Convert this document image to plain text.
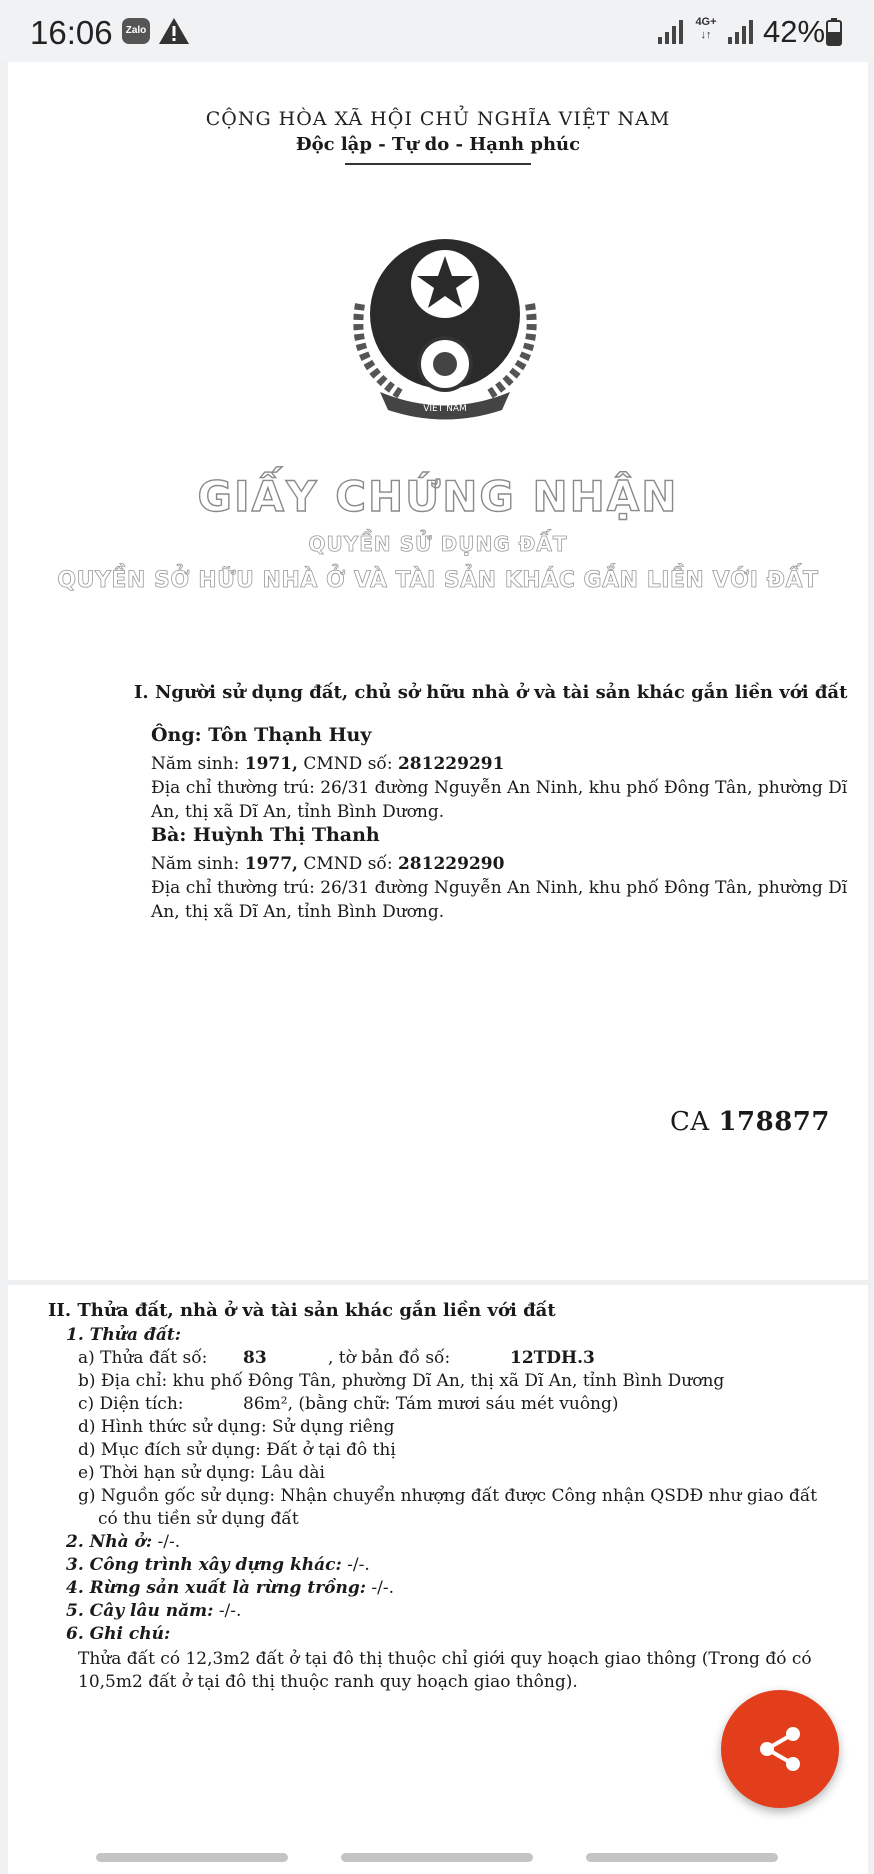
16:06	Zalo
4G+
↓↑	42%
CỘNG HÒA XÃ HỘI CHỦ NGHĨA VIỆT NAM
Độc lập - Tự do - Hạnh phúc
VIET NAM
GIẤY CHỨNG NHẬN
QUYỀN SỬ DỤNG ĐẤT
QUYỀN SỞ HỮU NHÀ Ở VÀ TÀI SẢN KHÁC GẮN LIỀN VỚI ĐẤT
I. Người sử dụng đất, chủ sở hữu nhà ở và tài sản khác gắn liền với đất
Ông: Tôn Thạnh Huy
Năm sinh: 1971, CMND số: 281229291
Địa chỉ thường trú: 26/31 đường Nguyễn An Ninh, khu phố Đông Tân, phường Dĩ
An, thị xã Dĩ An, tỉnh Bình Dương.
Bà: Huỳnh Thị Thanh
Năm sinh: 1977, CMND số: 281229290
Địa chỉ thường trú: 26/31 đường Nguyễn An Ninh, khu phố Đông Tân, phường Dĩ
An, thị xã Dĩ An, tỉnh Bình Dương.
CA 178877
II. Thửa đất, nhà ở và tài sản khác gắn liền với đất
1. Thửa đất:
a) Thửa đất số: 83	, tờ bản đồ số:	12TDH.3
b) Địa chỉ: khu phố Đông Tân, phường Dĩ An, thị xã Dĩ An, tỉnh Bình Dương
c) Diện tích:	86m², (bằng chữ: Tám mươi sáu mét vuông)
d) Hình thức sử dụng: Sử dụng riêng
d) Mục đích sử dụng: Đất ở tại đô thị
e) Thời hạn sử dụng: Lâu dài
g) Nguồn gốc sử dụng: Nhận chuyển nhượng đất được Công nhận QSDĐ như giao đất
có thu tiền sử dụng đất
2. Nhà ở: -/-.
3. Công trình xây dựng khác: -/-.
4. Rừng sản xuất là rừng trồng: -/-.
5. Cây lâu năm: -/-.
6. Ghi chú:
Thửa đất có 12,3m2 đất ở tại đô thị thuộc chỉ giới quy hoạch giao thông (Trong đó có
10,5m2 đất ở tại đô thị thuộc ranh quy hoạch giao thông).
